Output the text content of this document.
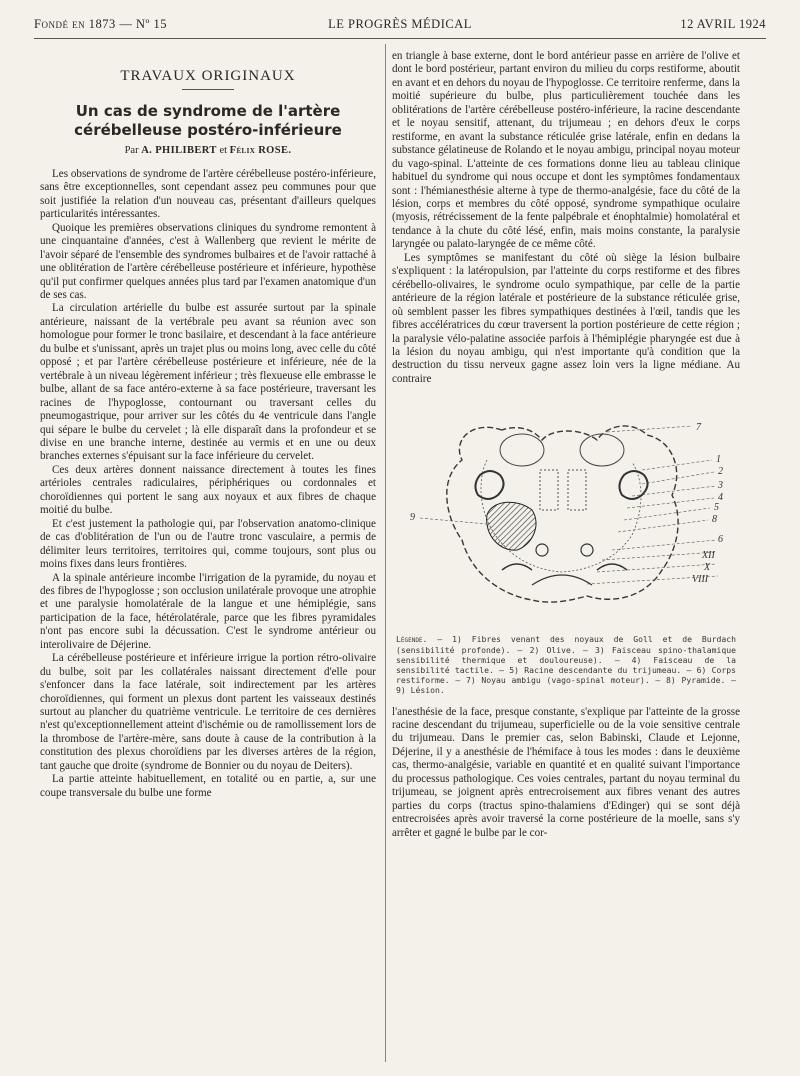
Fondé en 1873 — Nº 15	LE PROGRÈS MÉDICAL	12 AVRIL 1924
TRAVAUX ORIGINAUX
Un cas de syndrome de l'artère cérébelleuse postéro-inférieure
Par A. PHILIBERT et Félix ROSE.

Les observations de syndrome de l'artère cérébelleuse postéro-inférieure, sans être exceptionnelles, sont cependant assez peu communes pour que soit justifiée la relation d'un nouveau cas, présentant d'ailleurs quelques particularités intéressantes.

Quoique les premières observations cliniques du syndrome remontent à une cinquantaine d'années, c'est à Wallenberg que revient le mérite de l'avoir séparé de l'ensemble des syndromes bulbaires et de l'avoir rattaché à une oblitération de l'artère cérébelleuse postérieure et inférieure, hypothèse qu'il put confirmer quelques années plus tard par l'examen anatomique d'un de ses cas.

La circulation artérielle du bulbe est assurée surtout par la spinale antérieure, naissant de la vertébrale peu avant sa réunion avec son homologue pour former le tronc basilaire, et descendant à la face antérieure du bulbe et s'unissant, après un trajet plus ou moins long, avec celle du côté opposé ; et par l'artère cérébelleuse postérieure et inférieure, née de la vertébrale à un niveau légèrement inférieur ; très flexueuse elle embrasse le bulbe, allant de sa face antéro-externe à sa face postérieure, traversant les racines de l'hypoglosse, contournant ou traversant celles du pneumogastrique, pour arriver sur les côtés du 4e ventricule dans l'angle qui sépare le bulbe du cervelet ; là elle disparaît dans la profondeur et se divise en une branche interne, destinée au vermis et en une ou deux branches externes s'épuisant sur la face inférieure du cervelet.

Ces deux artères donnent naissance directement à toutes les fines artérioles centrales radiculaires, périphériques ou cordonnales et choroïdiennes qui portent le sang aux noyaux et aux fibres de chaque moitié du bulbe.

Et c'est justement la pathologie qui, par l'observation anatomo-clinique de cas d'oblitération de l'un ou de l'autre tronc vasculaire, a permis de délimiter leurs territoires, territoires qui, comme toujours, sont plus ou moins fixes dans leurs frontières.

A la spinale antérieure incombe l'irrigation de la pyramide, du noyau et des fibres de l'hypoglosse ; son occlusion unilatérale provoque une atrophie et une paralysie homolatérale de la langue et une hémiplégie, sans participation de la face, hétérolatérale, parce que les fibres pyramidales n'ont pas encore subi la décussation. C'est le syndrome antérieur ou interolivaire de Déjerine.

La cérébelleuse postérieure et inférieure irrigue la portion rétro-olivaire du bulbe, soit par les collatérales naissant directement d'elle pour s'enfoncer dans la face latérale, soit indirectement par les artères choroïdiennes, qui forment un plexus dont partent les vaisseaux destinés surtout au plancher du quatrième ventricule. Le territoire de ces dernières n'est qu'exceptionnellement atteint d'ischémie ou de ramollissement lors de la thrombose de l'artère-mère, sans doute à cause de la contribution à la constitution des plexus choroïdiens par les diverses artères de la région, tant gauche que droite (syndrome de Bonnier ou du noyau de Deiters).

La partie atteinte habituellement, en totalité ou en partie, a, sur une coupe transversale du bulbe une forme

en triangle à base externe, dont le bord antérieur passe en arrière de l'olive et dont le bord postérieur, partant environ du milieu du corps restiforme, aboutit en avant et en dehors du noyau de l'hypoglosse. Ce territoire renferme, dans la moitié supérieure du bulbe, plus particulièrement touchée dans les oblitérations de l'artère cérébelleuse postéro-inférieure, la racine descendante et le noyau sensitif, attenant, du trijumeau ; en dehors d'eux le corps restiforme, en avant la substance réticulée grise latérale, enfin en dedans la substance gélatineuse de Rolando et le noyau ambigu, principal noyau moteur du vago-spinal. L'atteinte de ces formations donne lieu au tableau clinique habituel du syndrome qui nous occupe et dont les symptômes fondamentaux sont : l'hémianesthésie alterne à type de thermo-analgésie, face du côté de la lésion, corps et membres du côté opposé, syndrome sympathique oculaire (myosis, rétrécissement de la fente palpébrale et énophtalmie) homolatéral et tendance à la chute du côté lésé, enfin, mais moins constante, la paralysie laryngée ou palato-laryngée de ce même côté.

Les symptômes se manifestant du côté où siège la lésion bulbaire s'expliquent : la latéropulsion, par l'atteinte du corps restiforme et des fibres cérébello-olivaires, le syndrome oculo sympathique, par celle de la partie antérieure de la région latérale et postérieure de la substance réticulée grise, où semblent passer les fibres sympathiques destinées à l'œil, tandis que les fibres accélératrices du cœur traversent la portion postérieure de cette région ; la paralysie vélo-palatine associée parfois à l'hémiplégie pharyngée est due à la lésion du noyau ambigu, qui n'est importante qu'à condition que la destruction du tissu nerveux gagne assez loin vers la ligne médiane. Au contraire

7
1
2
3
4
5
8
6
XII
X
VIII
9
Légende. — 1) Fibres venant des noyaux de Goll et de Burdach (sensibilité profonde). — 2) Olive. — 3) Faisceau spino-thalamique sensibilité thermique et douloureuse). — 4) Faisceau de la sensibilité tactile. — 5) Racine descendante du trijumeau. — 6) Corps restiforme. — 7) Noyau ambigu (vago-spinal moteur). — 8) Pyramide. — 9) Lésion.

l'anesthésie de la face, presque constante, s'explique par l'atteinte de la grosse racine descendant du trijumeau, superficielle ou de la voie sensitive centrale du trijumeau. Dans le premier cas, selon Babinski, Claude et Lejonne, Déjerine, il y a anesthésie de l'hémiface à tous les modes : dans le deuxième cas, thermo-analgésie, variable en quantité et en qualité suivant l'importance du processus pathologique. Ces voies centrales, partant du noyau terminal du trijumeau, se joignent après entrecroisement aux fibres venant des autres parties du corps (tractus spino-thalamiens d'Edinger) qui se sont déjà entrecroisées après avoir traversé la corne postérieure de la moelle, sans s'y arrêter et gagné le bulbe par le cor-
